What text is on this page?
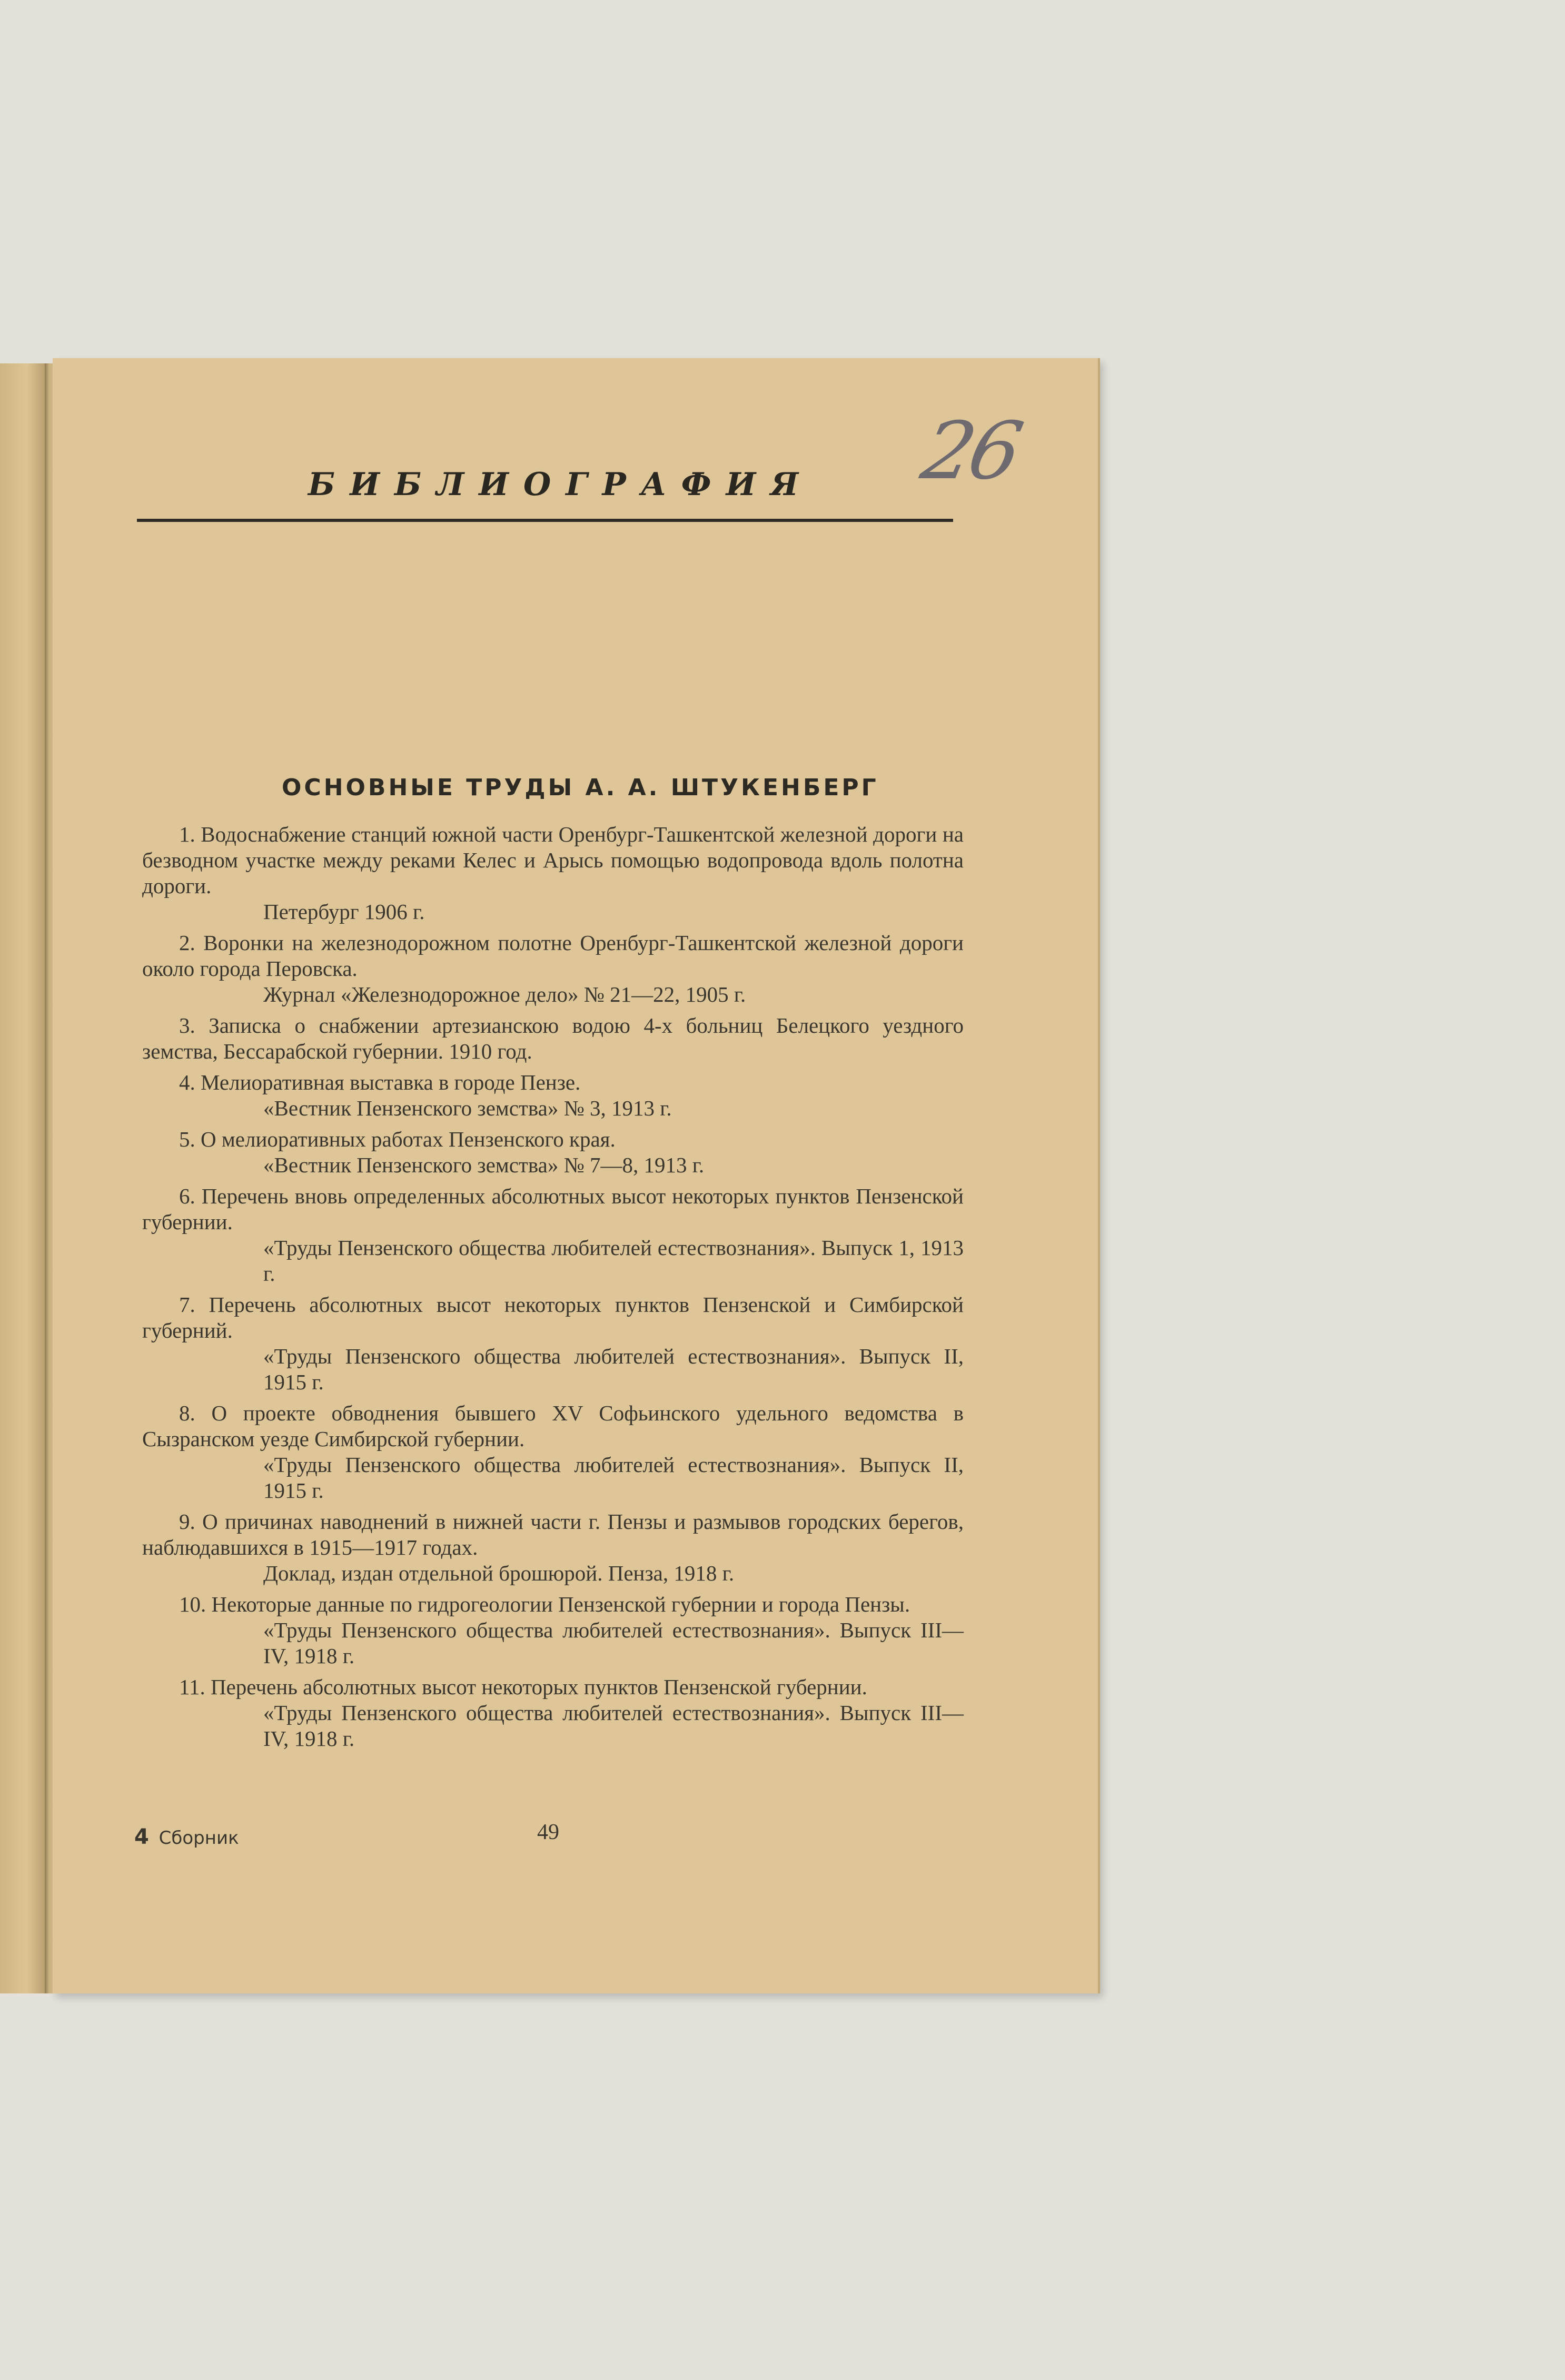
26
БИБЛИОГРАФИЯ
ОСНОВНЫЕ ТРУДЫ А. А. ШТУКЕНБЕРГ

1. Водоснабжение станций южной части Оренбург-Ташкентской железной дороги на безводном участке между реками Келес и Арысь помощью водопровода вдоль полотна дороги.

Петербург 1906 г.

2. Воронки на железнодорожном полотне Оренбург-Ташкентской железной дороги около города Перовска.

Журнал «Железнодорожное дело» № 21—22, 1905 г.

3. Записка о снабжении артезианскою водою 4-х больниц Белецкого уездного земства, Бессарабской губернии. 1910 год.

4. Мелиоративная выставка в городе Пензе.

«Вестник Пензенского земства» № 3, 1913 г.

5. О мелиоративных работах Пензенского края.

«Вестник Пензенского земства» № 7—8, 1913 г.

6. Перечень вновь определенных абсолютных высот некоторых пунктов Пензенской губернии.

«Труды Пензенского общества любителей естествознания». Выпуск 1, 1913 г.

7. Перечень абсолютных высот некоторых пунктов Пензенской и Симбирской губерний.

«Труды Пензенского общества любителей естествознания». Выпуск II, 1915 г.

8. О проекте обводнения бывшего XV Софьинского удельного ведомства в Сызранском уезде Симбирской губернии.

«Труды Пензенского общества любителей естествознания». Выпуск II, 1915 г.

9. О причинах наводнений в нижней части г. Пензы и размывов городских берегов, наблюдавшихся в 1915—1917 годах.

Доклад, издан отдельной брошюрой. Пенза, 1918 г.

10. Некоторые данные по гидрогеологии Пензенской губернии и города Пензы.

«Труды Пензенского общества любителей естествознания». Выпуск III—IV, 1918 г.

11. Перечень абсолютных высот некоторых пунктов Пензенской губернии.

«Труды Пензенского общества любителей естествознания». Выпуск III—IV, 1918 г.

4 Сборник	49
